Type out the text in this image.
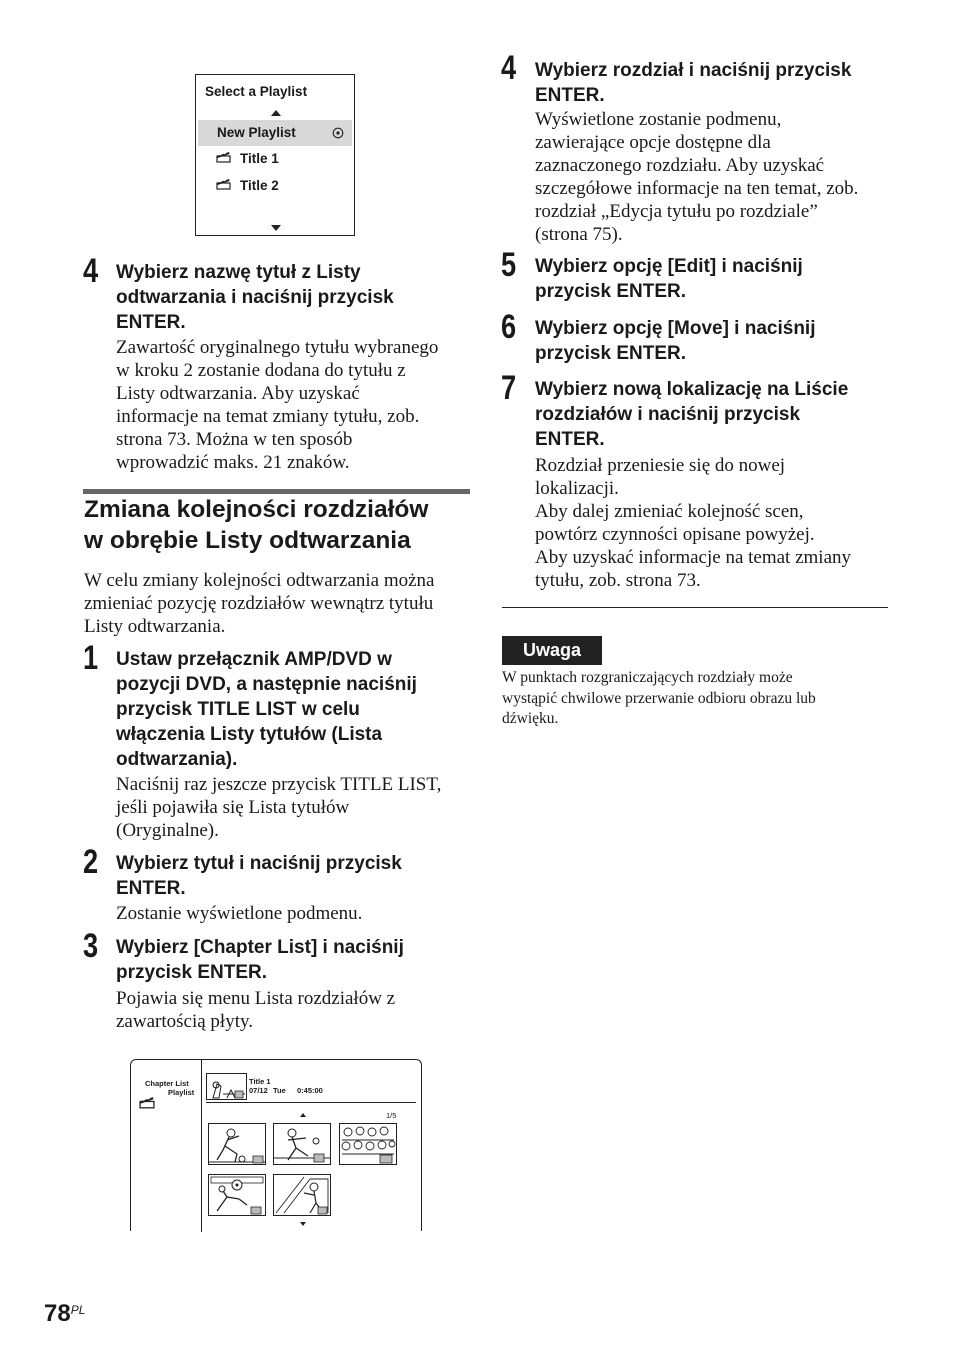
Select a Playlist
New Playlist
Title 1
Title 2
4 Wybierz nazwę tytuł z Listy
odtwarzania i naciśnij przycisk
ENTER.
Zawartość oryginalnego tytułu wybranego
w kroku 2 zostanie dodana do tytułu z
Listy odtwarzania. Aby uzyskać
informacje na temat zmiany tytułu, zob.
strona 73. Można w ten sposób
wprowadzić maks. 21 znaków.
Zmiana kolejności rozdziałów
w obrębie Listy odtwarzania
W celu zmiany kolejności odtwarzania można
zmieniać pozycję rozdziałów wewnątrz tytułu
Listy odtwarzania.
1 Ustaw przełącznik AMP/DVD w
pozycji DVD, a następnie naciśnij
przycisk TITLE LIST w celu
włączenia Listy tytułów (Lista
odtwarzania).
Naciśnij raz jeszcze przycisk TITLE LIST,
jeśli pojawiła się Lista tytułów
(Oryginalne).
2 Wybierz tytuł i naciśnij przycisk
ENTER.
Zostanie wyświetlone podmenu.
3 Wybierz [Chapter List] i naciśnij
przycisk ENTER.
Pojawia się menu Lista rozdziałów z
zawartością płyty.
Chapter List
Playlist
Title 1
07/12 Tue 0:45:00
1/5
4 Wybierz rozdział i naciśnij przycisk
ENTER.
Wyświetlone zostanie podmenu,
zawierające opcje dostępne dla
zaznaczonego rozdziału. Aby uzyskać
szczegółowe informacje na ten temat, zob.
rozdział „Edycja tytułu po rozdziale”
(strona 75).
5 Wybierz opcję [Edit] i naciśnij
przycisk ENTER.
6 Wybierz opcję [Move] i naciśnij
przycisk ENTER.
7 Wybierz nową lokalizację na Liście
rozdziałów i naciśnij przycisk
ENTER.
Rozdział przeniesie się do nowej
lokalizacji.
Aby dalej zmieniać kolejność scen,
powtórz czynności opisane powyżej.
Aby uzyskać informacje na temat zmiany
tytułu, zob. strona 73.
Uwaga
W punktach rozgraniczających rozdziały może
wystąpić chwilowe przerwanie odbioru obrazu lub
dźwięku.
$78^{PL}$
